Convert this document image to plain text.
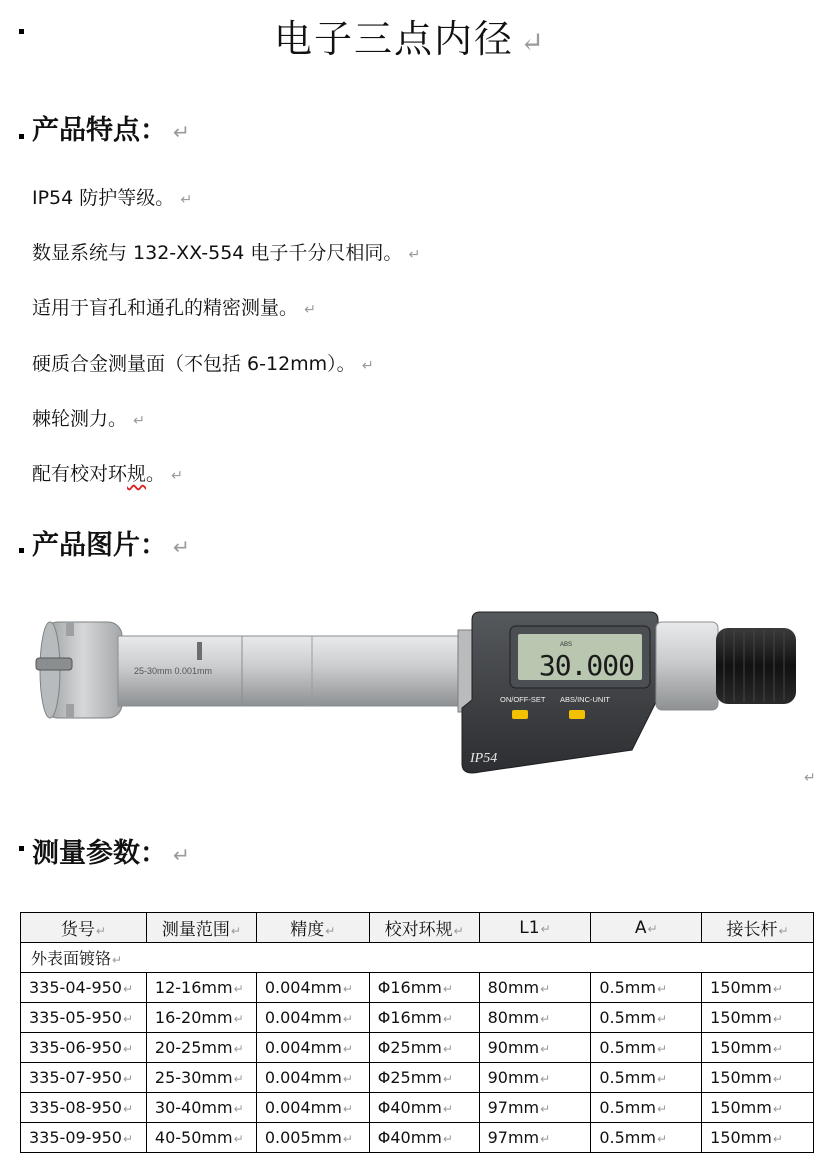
电子三点内径 ↵
产品特点： ↵
IP54 防护等级。 ↵
数显系统与 132-XX-554 电子千分尺相同。 ↵
适用于盲孔和通孔的精密测量。 ↵
硬质合金测量面（不包括 6-12mm）。 ↵
棘轮测力。 ↵
配有校对环规。 ↵
产品图片： ↵
25-30mm 0.001mm
ABS
30.000
ON/OFF-SET ABS/INC-UNIT
IP54
↵
测量参数： ↵
货号↵	测量范围↵	精度↵	校对环规↵	L1↵	A↵	接长杆↵
外表面镀铬↵						
335-04-950↵	12-16mm↵	0.004mm↵	Φ16mm↵	80mm↵	0.5mm↵	150mm↵
335-05-950↵	16-20mm↵	0.004mm↵	Φ16mm↵	80mm↵	0.5mm↵	150mm↵
335-06-950↵	20-25mm↵	0.004mm↵	Φ25mm↵	90mm↵	0.5mm↵	150mm↵
335-07-950↵	25-30mm↵	0.004mm↵	Φ25mm↵	90mm↵	0.5mm↵	150mm↵
335-08-950↵	30-40mm↵	0.004mm↵	Φ40mm↵	97mm↵	0.5mm↵	150mm↵
335-09-950↵	40-50mm↵	0.005mm↵	Φ40mm↵	97mm↵	0.5mm↵	150mm↵
